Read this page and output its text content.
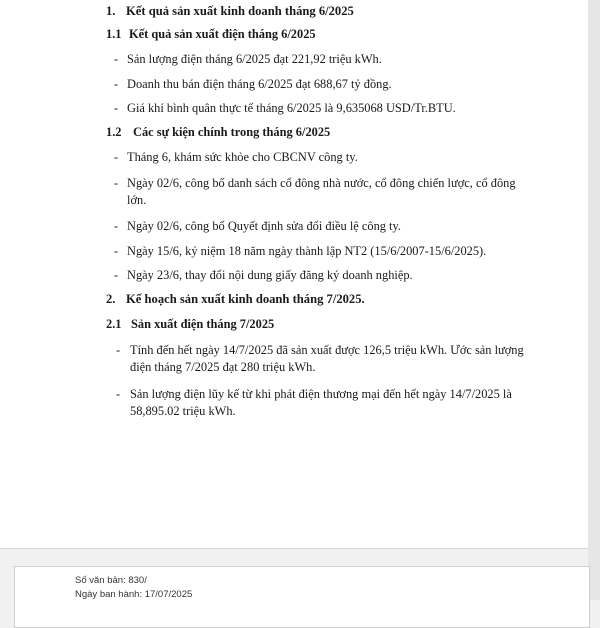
1. Kết quả sản xuất kinh doanh tháng 6/2025
1.1 Kết quả sản xuất điện tháng 6/2025
- Sản lượng điện tháng 6/2025 đạt 221,92 triệu kWh.
- Doanh thu bán điện tháng 6/2025 đạt 688,67 tỷ đồng.
- Giá khí bình quân thực tế tháng 6/2025 là 9,635068 USD/Tr.BTU.
1.2 Các sự kiện chính trong tháng 6/2025
- Tháng 6, khám sức khỏe cho CBCNV công ty.
- Ngày 02/6, công bố danh sách cổ đông nhà nước, cổ đông chiến lược, cổ đông
lớn.
- Ngày 02/6, công bố Quyết định sửa đổi điều lệ công ty.
- Ngày 15/6, kỷ niệm 18 năm ngày thành lập NT2 (15/6/2007-15/6/2025).
- Ngày 23/6, thay đổi nội dung giấy đăng ký doanh nghiệp.
2. Kế hoạch sản xuất kinh doanh tháng 7/2025.
2.1 Sản xuất điện tháng 7/2025
- Tính đến hết ngày 14/7/2025 đã sản xuất được 126,5 triệu kWh. Ước sản lượng
điện tháng 7/2025 đạt 280 triệu kWh.
- Sản lượng điện lũy kế từ khi phát điện thương mại đến hết ngày 14/7/2025 là
58,895.02 triệu kWh.
Số văn bản: 830/
Ngày ban hành: 17/07/2025
